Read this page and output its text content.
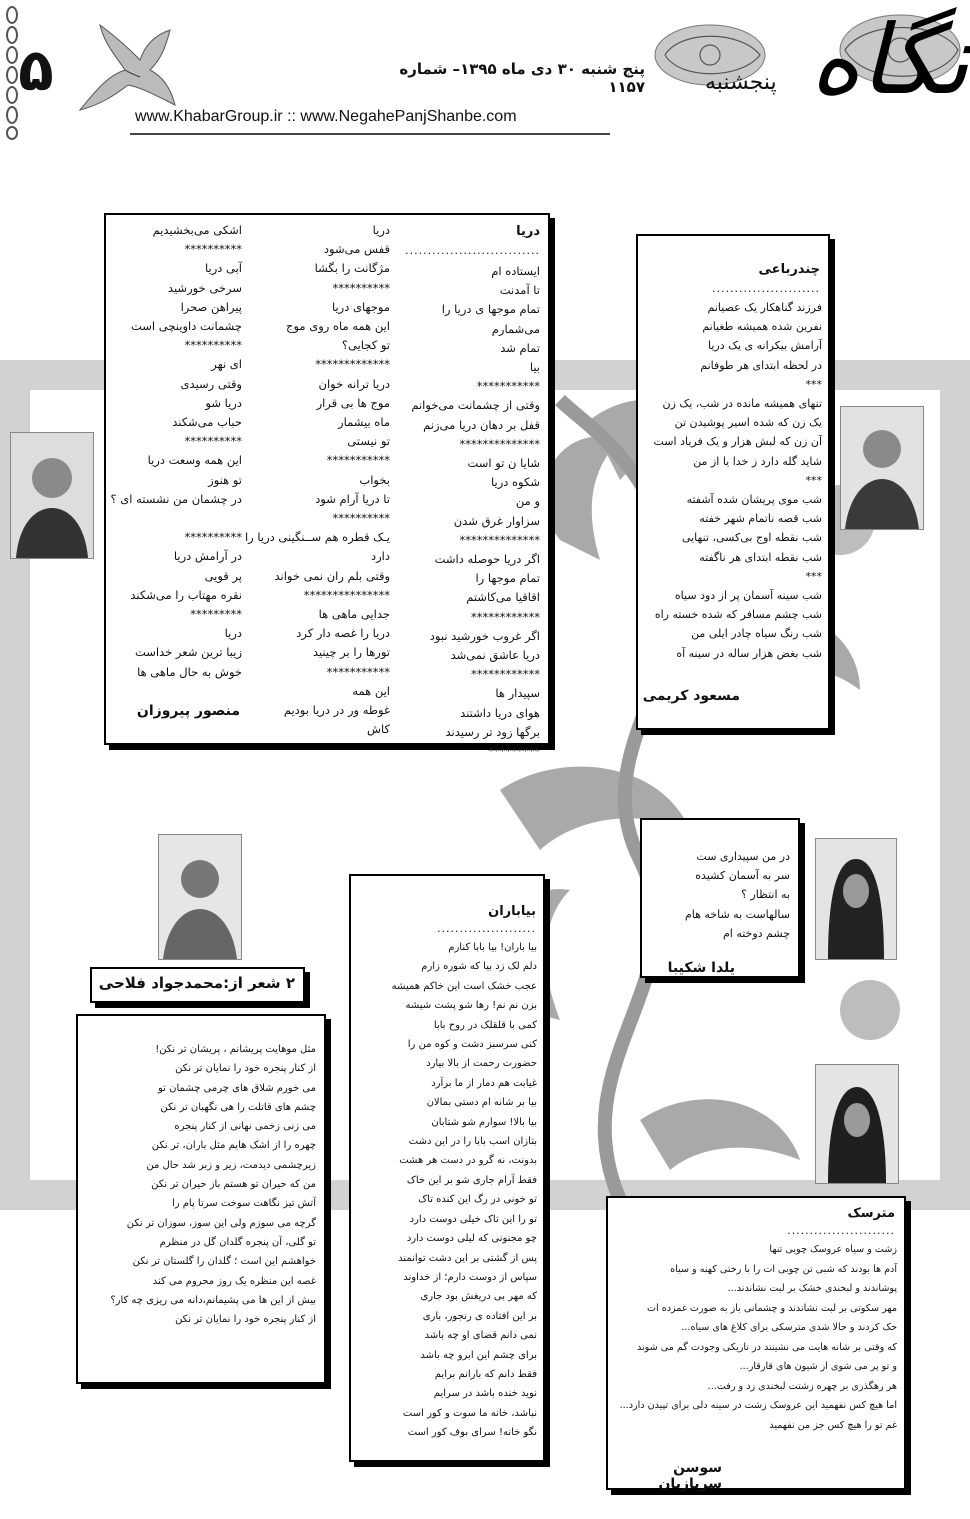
۵	پنج شنبه ۳۰ دی ماه ۱۳۹۵– شماره ۱۱۵۷
www.KhabarGroup.ir :: www.NegahePanjShanbe.com
نگاه
پنجشنبه
دریا
..............................
ایستاده ام
تا آمدنت
تمام موجها ی دریا را می‌شمارم
تمام شد
بیا
***********
وقتی از چشمانت می‌خوانم
قفل بر دهان دریا می‌زنم
**************
شایا ن تو است
شکوه دریا
و من
سزاوار غرق شدن
**************
اگر دریا حوصله داشت
تمام موجها را
اقاقیا می‌کاشتم
************
اگر غروب خورشید نبود
دریا عاشق نمی‌شد
************
سپیدار ها
هوای دریا داشتند
برگها زود تر رسیدند
*********
دریا
قفس می‌شود
مژگانت را بگشا
**********
موجهای دریا
این همه ماه روی موج
تو کجایی؟
*************
دریا ترانه خوان
موج ها بی قرار
ماه بیشمار
تو نیستی
***********
بخواب
تا دریا آرام شود
**********
یـک قطره هم ســنگینی دریا را
دارد
وقتی بلم ران نمی خواند
***************
جدایی ماهی ها
دریا را غصه دار کرد
تورها را بر چینید
***********
این همه
غوطه ور در دریا بودیم
کاش
اشکی می‌بخشیدیم
**********
آبی دریا
سرخی خورشید
پیراهن صحرا
چشمانت داوینچی است
**********
ای نهر
وقتی رسیدی
دریا شو
حباب می‌شکند
**********
این همه وسعت دریا
تو هنوز
در چشمان من نشسته ای ؟

**********
در آرامش دریا
پر قویی
نقره مهتاب را می‌شکند
*********
دریا
زیبا ترین شعر خداست
خوش به حال ماهی ها
منصور پیروزان
چندرباعی
........................
فرزند گناهکار یک عصیانم
نفرین شده همیشه طغیانم
آرامش بیکرانه ی یک دریا
در لحظه ابتدای هر طوفانم
***
تنهای همیشه مانده در شب، یک زن
یک زن که شده اسیر پوشیدن تن
آن زن که لبش هزار و یک فریاد است
شاید گله دارد ز خدا یا از من
***
شب موی پریشان شده آشفته
شب قصه ناتمام شهر خفته
شب نقطه اوج بی‌کسی، تنهایی
شب نقطه ابتدای هر ناگفته
***
شب سینه آسمان پر از دود سیاه
شب چشم مسافر که شده خسته راه
شب رنگ سیاه چادر ایلی من
شب بغض هزار ساله در سینه آه
مسعود کریمی
در من سپیداری ست
سر به آسمان کشیده
به انتظار ؟
سالهاست به شاخه هام
چشم دوخته ام
یلدا شکیبا
۲ شعر از:محمدجواد فلاحی
مثل موهایت پریشانم ، پریشان تر نکن!
از کنار پنجره خود را نمایان تر نکن
می خورم شلاق های چرمی چشمان تو
چشم های قاتلت را هی نگهبان تر نکن
می زنی زخمی نهانی از کنار پنجره
چهره را از اشک هایم مثل باران، تر نکن
زیرچشمی دیدمت، زیر و زبر شد حال من
من که حیران تو هستم باز حیران تر نکن
آتش تیز نگاهت سوخت سرتا پام را
گرچه می سوزم ولی این سوز، سوزان تر نکن
تو گلی، آن پنجره گلدان گل در منظرم
خواهشم این است ؛ گلدان را گلستان تر نکن
غصه این منظره یک روز محروم می کند
بیش از این ها می پشیمانم،دانه می ریزی چه کار؟
از کنار پنجره خود را نمایان تر نکن
بیاباران
......................
بیا باران! بیا بابا کنارم
دلم لک زد بیا که شوره زارم
عجب خشک است این خاکم همیشه
بزن نم نم! رها شو پشت شیشه
کمی با قلقلک در روح بابا
کنی سرسبز دشت و کوه من را
حضورت رحمت از بالا بیارد
غیابت هم دمار از ما برآرد
بیا بر شانه ام دستی بمالان
بیا بالا! سوارم شو شتابان
بتازان اسب بابا را در این دشت
بدونت، نه گرو در دست هر هشت
فقط آرام جاری شو بر این خاک
تو خونی در رگ این کنده تاک
تو را این تاک خیلی دوست دارد
چو مجنونی که لیلی دوست دارد
پس از گشتی بر این دشت توانمند
سپاس از دوست دارم؛ از خداوند
که مهر بی دریغش بود جاری
بر این افتاده ی رنجور، باری
نمی دانم قضای او چه باشد
برای چشم این ابرو چه باشد
فقط دانم که بارانم برایم
نوید خنده باشد در سرایم
نباشد، خانه ما سوت و کور است
نگو خانه! سرای بوف کور است
مترسک
........................
زشت و سیاه عروسک چوبی تنها
آدم ها بودند که شبی تن چوبی ات را با رختی کهنه و سیاه
پوشاندند و لبخندی خشک بر لبت نشاندند...
مهر سکوتی بر لبت نشاندند و چشمانی باز به صورت غمزده ات
حک کردند و حالا شدی مترسکی برای کلاغ های سیاه...
که وقتی بر شانه هایت می نشینند در تاریکی وجودت گم می شوند
و تو پر می شوی از شیون های قارقار...
هر رهگذری بر چهره زشتت لبخندی زد و رفت...
اما هیچ کس نفهمید این عروسک زشت در سینه دلی برای تپیدن دارد...
غم تو را هیچ کس جز من نفهمید
سوسن سربازیان
